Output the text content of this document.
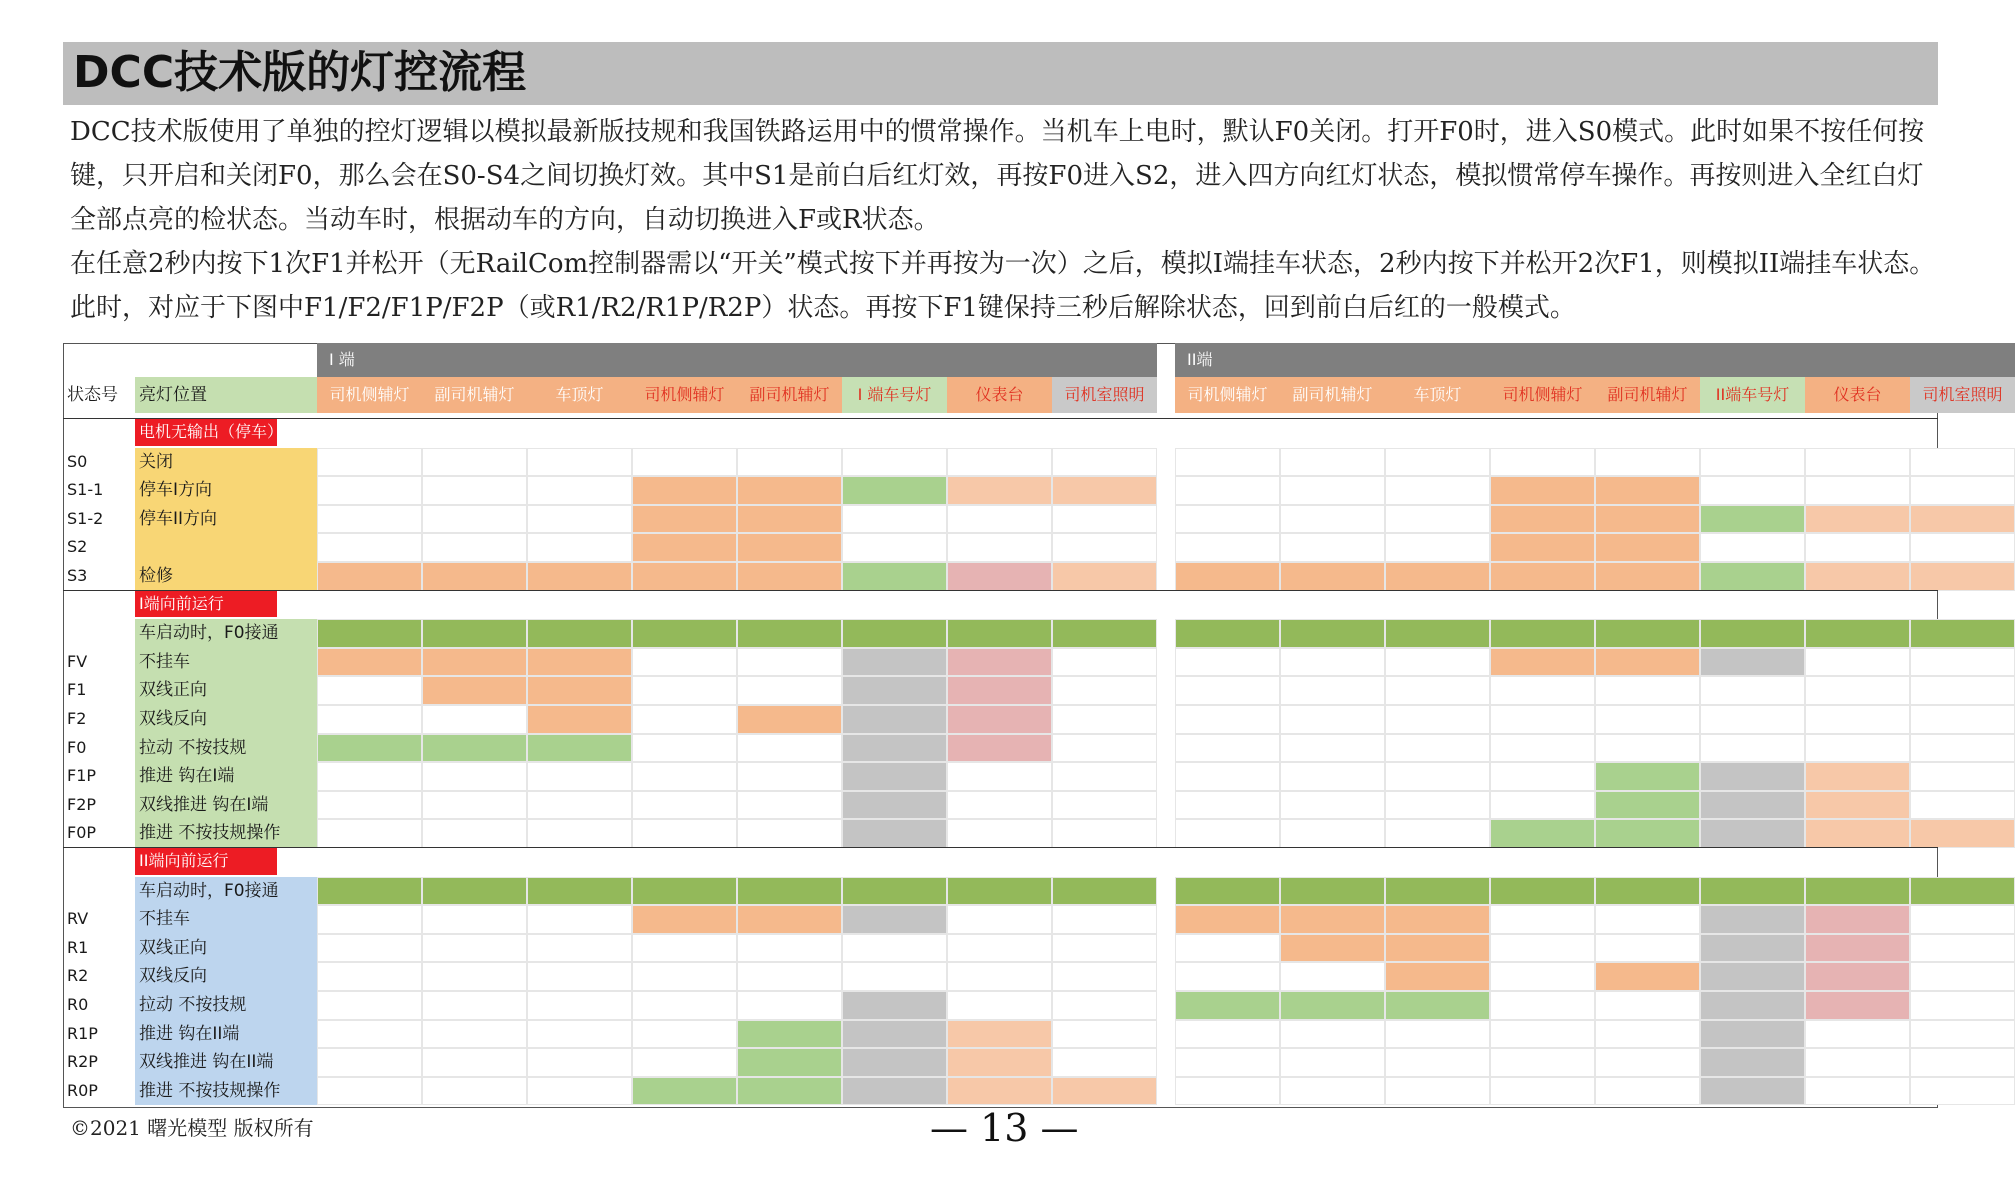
DCC技术版的灯控流程

DCC技术版使用了单独的控灯逻辑以模拟最新版技规和我国铁路运用中的惯常操作。当机车上电时，默认F0关闭。打开F0时，进入S0模式。此时如果不按任何按键，只开启和关闭F0，那么会在S0-S4之间切换灯效。其中S1是前白后红灯效，再按F0进入S2，进入四方向红灯状态，模拟惯常停车操作。再按则进入全红白灯全部点亮的检状态。当动车时，根据动车的方向，自动切换进入F或R状态。

在任意2秒内按下1次F1并松开（无RailCom控制器需以“开关”模式按下并再按为一次）之后，模拟I端挂车状态，2秒内按下并松开2次F1，则模拟II端挂车状态。此时，对应于下图中F1/F2/F1P/F2P（或R1/R2/R1P/R2P）状态。再按下F1键保持三秒后解除状态，回到前白后红的一般模式。

I 端	II端
状态号	亮灯位置	司机侧辅灯	副司机辅灯	车顶灯	司机侧辅灯	副司机辅灯	I 端车号灯	仪表台	司机室照明	司机侧辅灯	副司机辅灯	车顶灯	司机侧辅灯	副司机辅灯	II端车号灯	仪表台	司机室照明
电机无输出（停车）
S0	关闭
S1-1	停车I方向
S1-2	停车II方向
S2
S3	检修
I端向前运行
车启动时，F0接通
FV	不挂车
F1	双线正向
F2	双线反向
F0	拉动 不按技规
F1P	推进 钩在I端
F2P	双线推进 钩在I端
F0P	推进 不按技规操作
II端向前运行
车启动时，F0接通
RV	不挂车
R1	双线正向
R2	双线反向
R0	拉动 不按技规
R1P	推进 钩在II端
R2P	双线推进 钩在II端
R0P	推进 不按技规操作
©2021 曙光模型 版权所有	— 13 —
